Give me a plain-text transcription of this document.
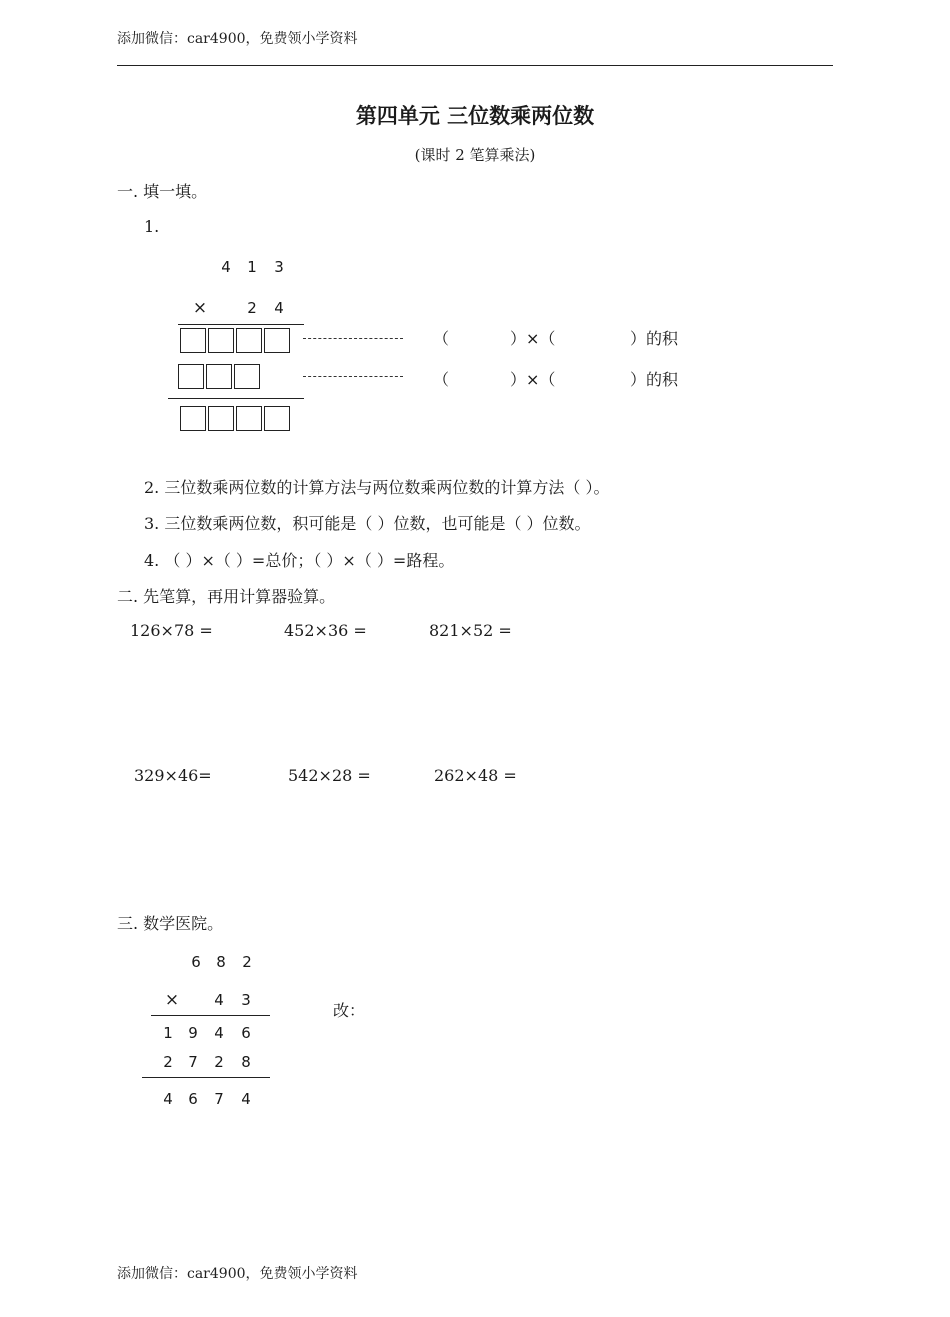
添加微信：car4900，免费领小学资料
第四单元 三位数乘两位数
(课时 2 笔算乘法)
一. 填一填。
1.
4 1 3
×	2 4
（	）×（	）的积
（	）×（	）的积
2. 三位数乘两位数的计算方法与两位数乘两位数的计算方法（ ）。
3. 三位数乘两位数，积可能是（ ）位数，也可能是（ ）位数。
4. （ ）×（ ）=总价；（ ）×（ ）=路程。
二. 先笔算，再用计算器验算。
126×78 =	452×36 =	821×52 =
329×46=	542×28 =	262×48 =
三. 数学医院。
6 8 2
× 4 3
1 9 4 6
2 7 2 8
4 6 7 4
改：
添加微信：car4900，免费领小学资料
